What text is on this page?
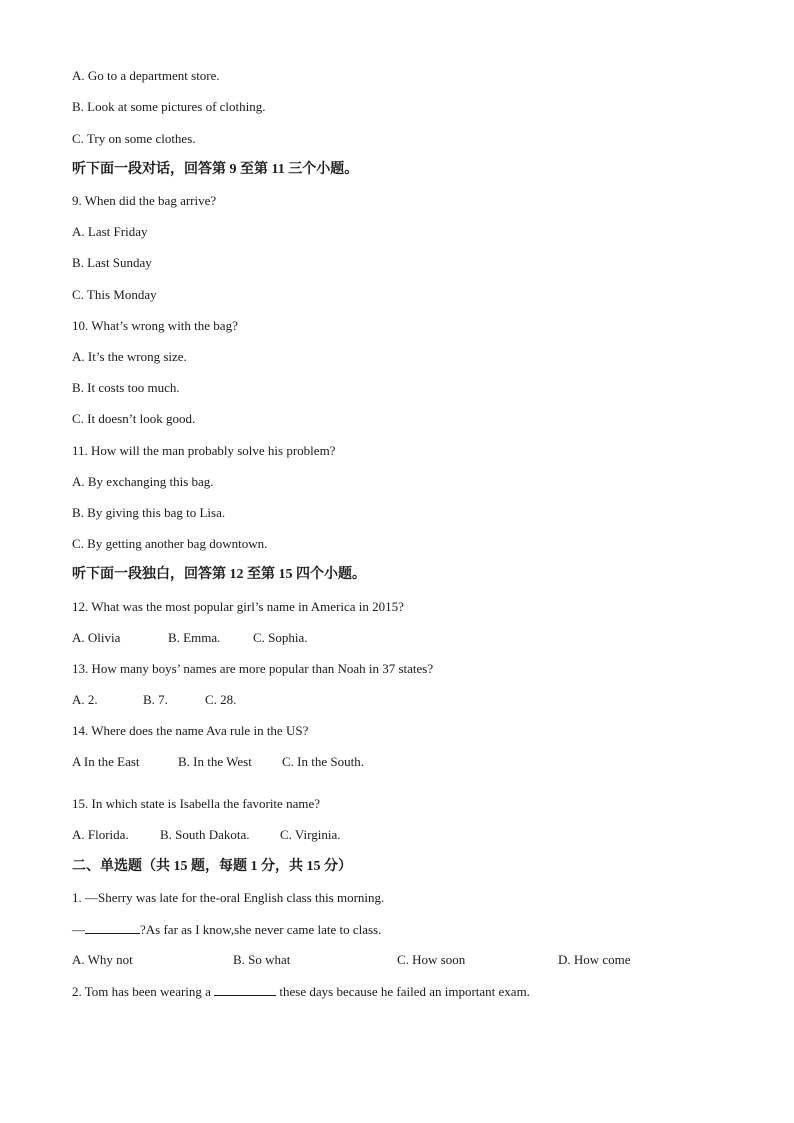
A. Go to a department store.
B. Look at some pictures of clothing.
C. Try on some clothes.
听下面一段对话，回答第 9 至第 11 三个小题。
9. When did the bag arrive?
A. Last Friday
B. Last Sunday
C. This Monday
10. What’s wrong with the bag?
A. It’s the wrong size.
B. It costs too much.
C. It doesn’t look good.
11. How will the man probably solve his problem?
A. By exchanging this bag.
B. By giving this bag to Lisa.
C. By getting another bag downtown.
听下面一段独白，回答第 12 至第 15 四个小题。
12. What was the most popular girl’s name in America in 2015?
A. Olivia	B. Emma.	C. Sophia.
13. How many boys’ names are more popular than Noah in 37 states?
A. 2.	B. 7.	C. 28.
14. Where does the name Ava rule in the US?
A In the East	B. In the West C. In the South.
15. In which state is Isabella the favorite name?
A. Florida. B. South Dakota. C. Virginia.
二、单选题（共 15 题，每题 1 分，共 15 分）
1. —Sherry was late for the-oral English class this morning.
—	?As far as I know,she never came late to class.
A. Why not	B. So what	C. How soon	D. How come
2. Tom has been wearing a	these days because he failed an important exam.
